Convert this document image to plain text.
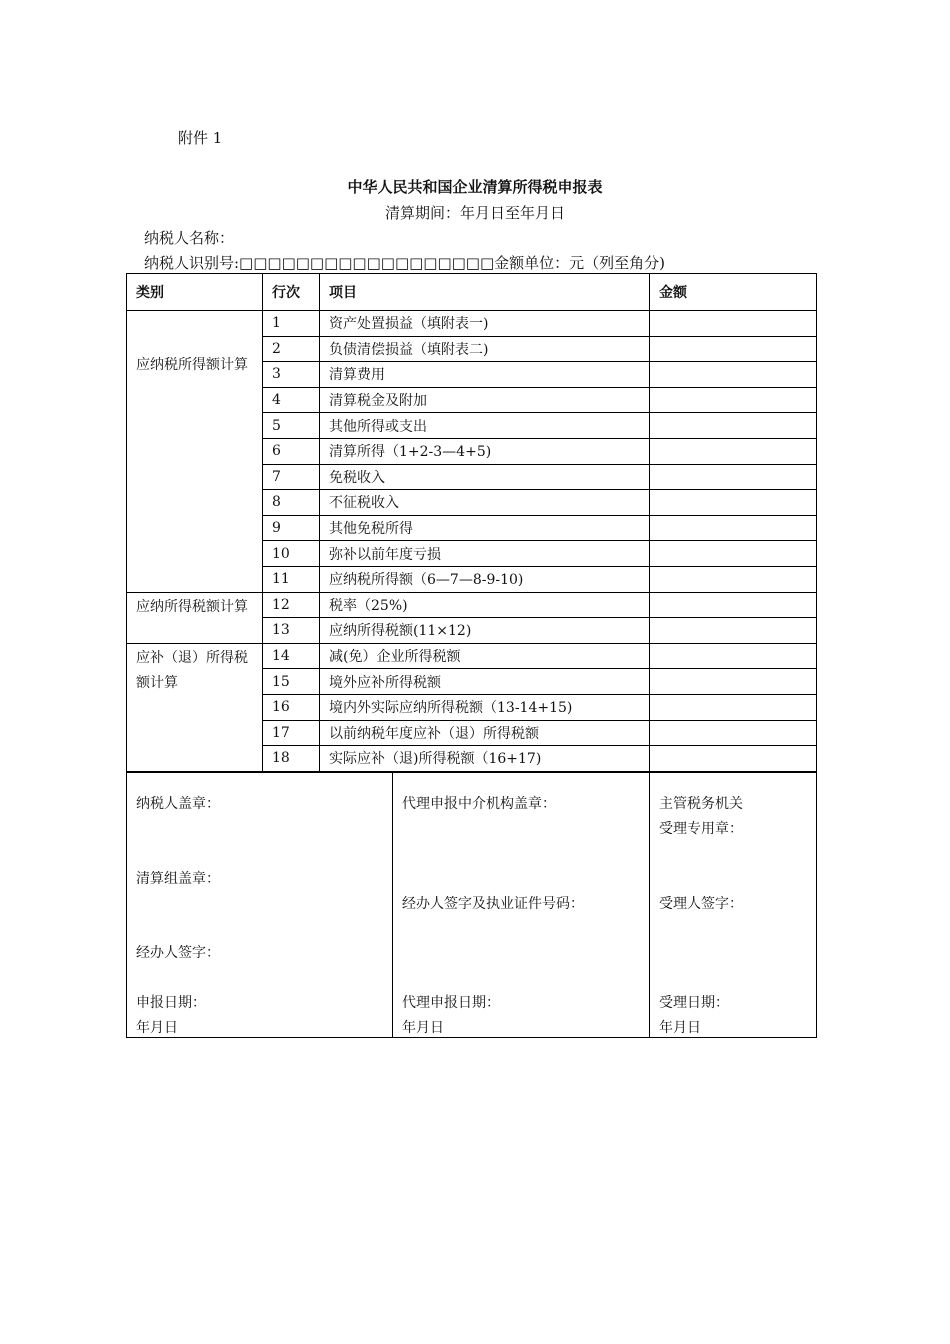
附件 1
中华人民共和国企业清算所得税申报表
清算期间：年月日至年月日
纳税人名称：
纳税人识别号:□□□□□□□□□□□□□□□□□□金额单位：元（列至角分)
类别	行次	项目	金额
应纳税所得额计算	1	资产处置损益（填附表一)	
	2	负债清偿损益（填附表二)	
	3	清算费用	
	4	清算税金及附加	
	5	其他所得或支出	
	6	清算所得（1+2-3—4+5)	
	7	免税收入	
	8	不征税收入	
	9	其他免税所得	
	10	弥补以前年度亏损	
	11	应纳税所得额（6—7—8-9-10)	
应纳所得税额计算	12	税率（25%)	
	13	应纳所得税额(11×12)	
应补（退）所得税额计算	14	减(免）企业所得税额	
	15	境外应补所得税额	
	16	境内外实际应纳所得税额（13-14+15)	
	17	以前纳税年度应补（退）所得税额	
	18	实际应补（退)所得税额（16+17)	
纳税人盖章：
清算组盖章：
经办人签字：
申报日期：
年月日

代理申报中介机构盖章：
经办人签字及执业证件号码：
代理申报日期：
年月日

主管税务机关
受理专用章：
受理人签字：
受理日期：
年月日
